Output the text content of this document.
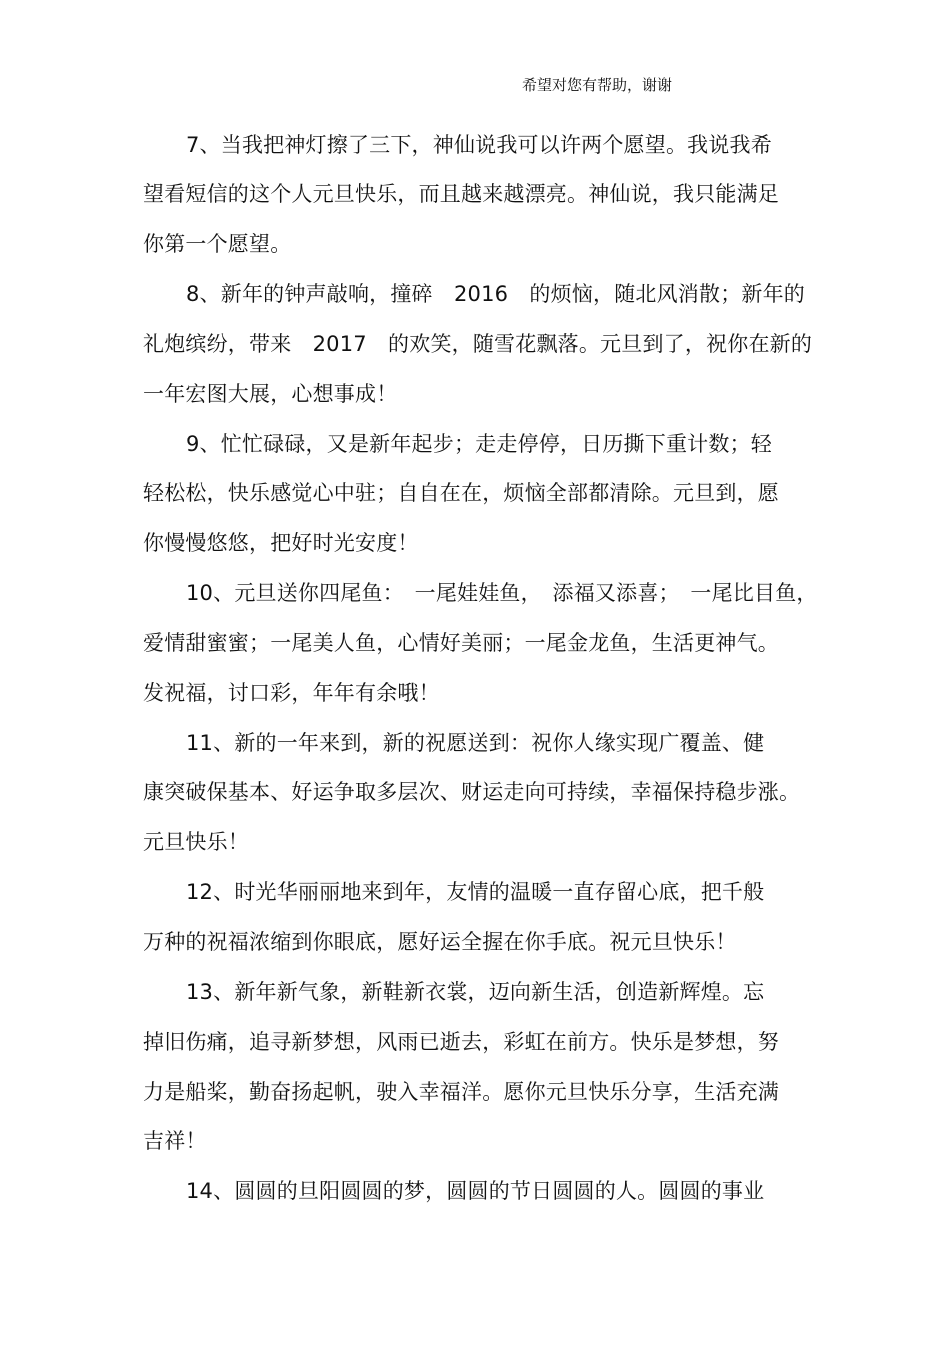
希望对您有帮助，谢谢
7、当我把神灯擦了三下，神仙说我可以许两个愿望。我说我希
望看短信的这个人元旦快乐，而且越来越漂亮。神仙说，我只能满足
你第一个愿望。
8、新年的钟声敲响，撞碎　2016　的烦恼，随北风消散；新年的
礼炮缤纷，带来　2017　的欢笑，随雪花飘落。元旦到了，祝你在新的
一年宏图大展，心想事成！
9、忙忙碌碌，又是新年起步；走走停停，日历撕下重计数；轻
轻松松，快乐感觉心中驻；自自在在，烦恼全部都清除。元旦到，愿
你慢慢悠悠，把好时光安度！
10、元旦送你四尾鱼：　一尾娃娃鱼，　添福又添喜；　一尾比目鱼，
爱情甜蜜蜜；一尾美人鱼，心情好美丽；一尾金龙鱼，生活更神气。
发祝福，讨口彩，年年有余哦！
11、新的一年来到，新的祝愿送到：祝你人缘实现广覆盖、健
康突破保基本、好运争取多层次、财运走向可持续，幸福保持稳步涨。
元旦快乐！
12、时光华丽丽地来到年，友情的温暖一直存留心底，把千般
万种的祝福浓缩到你眼底，愿好运全握在你手底。祝元旦快乐！
13、新年新气象，新鞋新衣裳，迈向新生活，创造新辉煌。忘
掉旧伤痛，追寻新梦想，风雨已逝去，彩虹在前方。快乐是梦想，努
力是船桨，勤奋扬起帆，驶入幸福洋。愿你元旦快乐分享，生活充满
吉祥！
14、圆圆的旦阳圆圆的梦，圆圆的节日圆圆的人。圆圆的事业
